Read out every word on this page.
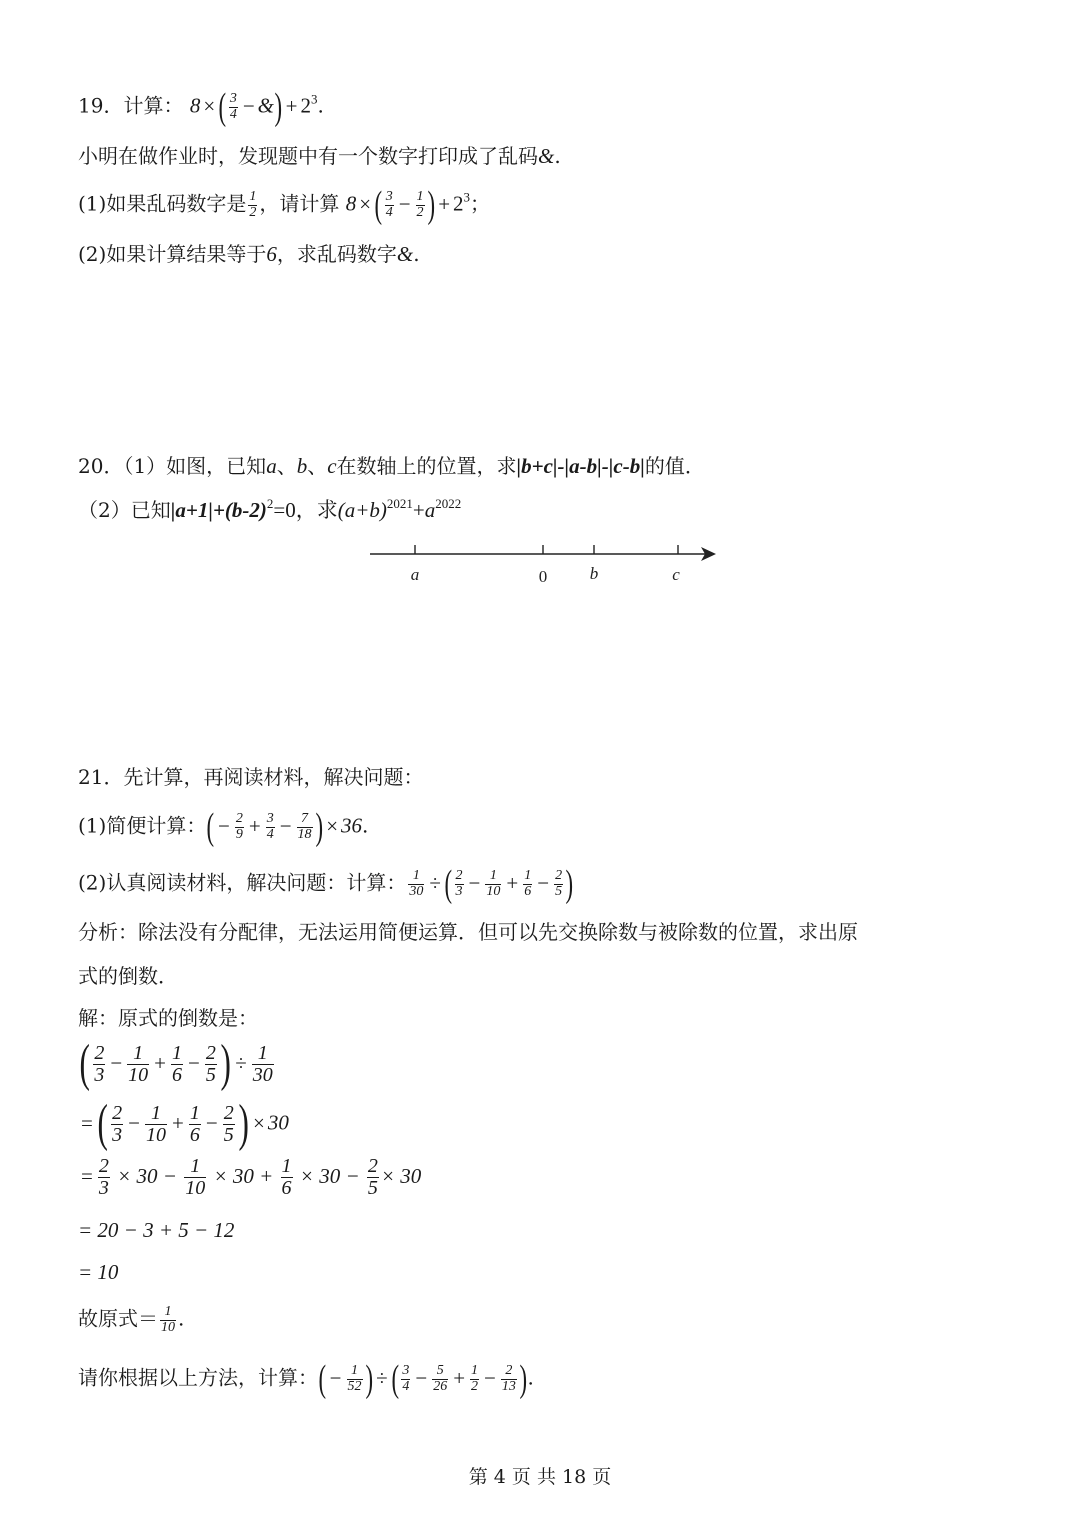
19．计算： 8 ×( $\frac{3}{4}$ − &) + $2^3$.
小明在做作业时，发现题中有一个数字打印成了乱码&.
(1)如果乱码数字是 $\frac{1}{2}$ ，请计算 8 ×( $\frac{3}{4} - \frac{1}{2}$ ) + $2^3$；
(2)如果计算结果等于6，求乱码数字&.
20．（1）如图，已知a、b、c在数轴上的位置，求|b+c|-|a-b|-|c-b|的值．
（2）已知$|a+1|+(b-2)^2=0$，求$(a+b)^{2021}+a^{2022}$
a	0	b	c
21．先计算，再阅读材料，解决问题：
(1)简便计算：( − $\frac{2}{9} + \frac{3}{4} - \frac{7}{18}$ ) × 36.
(2)认真阅读材料，解决问题：计算： $\frac{1}{30}$ ÷( $\frac{2}{3} - \frac{1}{10} + \frac{1}{6} - \frac{2}{5}$ )
分析：除法没有分配律，无法运用简便运算．但可以先交换除数与被除数的位置，求出原
式的倒数．
解：原式的倒数是：
( $\frac{2}{3} - \frac{1}{10} + \frac{1}{6} - \frac{2}{5}$ ) ÷ $\frac{1}{30}$
=( $\frac{2}{3} - \frac{1}{10} + \frac{1}{6} - \frac{2}{5}$ ) × 30
= $\frac{2}{3} \times 30 - \frac{1}{10} \times 30 + \frac{1}{6} \times 30 - \frac{2}{5} \times 30$
= 20 − 3 + 5 − 12
= 10
故原式＝ $\frac{1}{10}$ .
请你根据以上方法，计算：( − $\frac{1}{52}$ ) ÷( $\frac{3}{4} - \frac{5}{26} + \frac{1}{2} - \frac{2}{13}$ ).
第 4 页 共 18 页
